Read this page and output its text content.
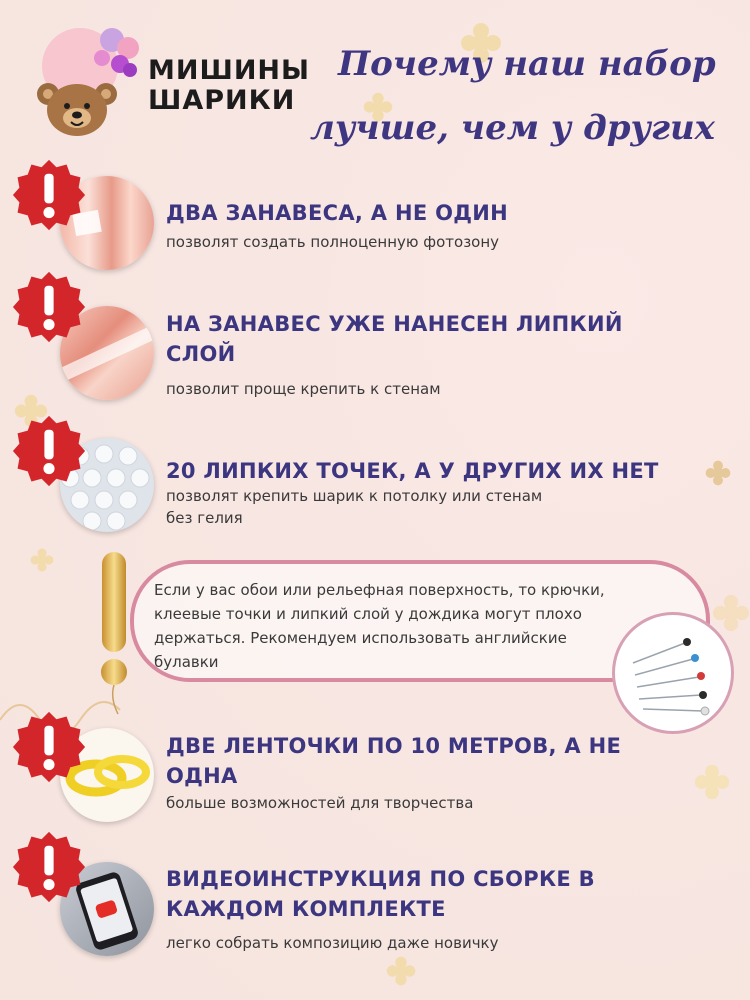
МИШИНЫ
ШАРИКИ
Почему наш набор
лучше, чем у других
ДВА ЗАНАВЕСА, А НЕ ОДИН
позволят создать полноценную фотозону
НА ЗАНАВЕС УЖЕ НАНЕСЕН ЛИПКИЙ
СЛОЙ
позволит проще крепить к стенам
20 ЛИПКИХ ТОЧЕК, А У ДРУГИХ ИХ НЕТ
позволят крепить шарик к потолку или стенам
без гелия
Если у вас обои или рельефная поверхность, то крючки,
клеевые точки и липкий слой у дождика могут плохо
держаться. Рекомендуем использовать английские
булавки
ДВЕ ЛЕНТОЧКИ ПО 10 МЕТРОВ, А НЕ
ОДНА
больше возможностей для творчества
ВИДЕОИНСТРУКЦИЯ ПО СБОРКЕ В
КАЖДОМ КОМПЛЕКТЕ
легко собрать композицию даже новичку
